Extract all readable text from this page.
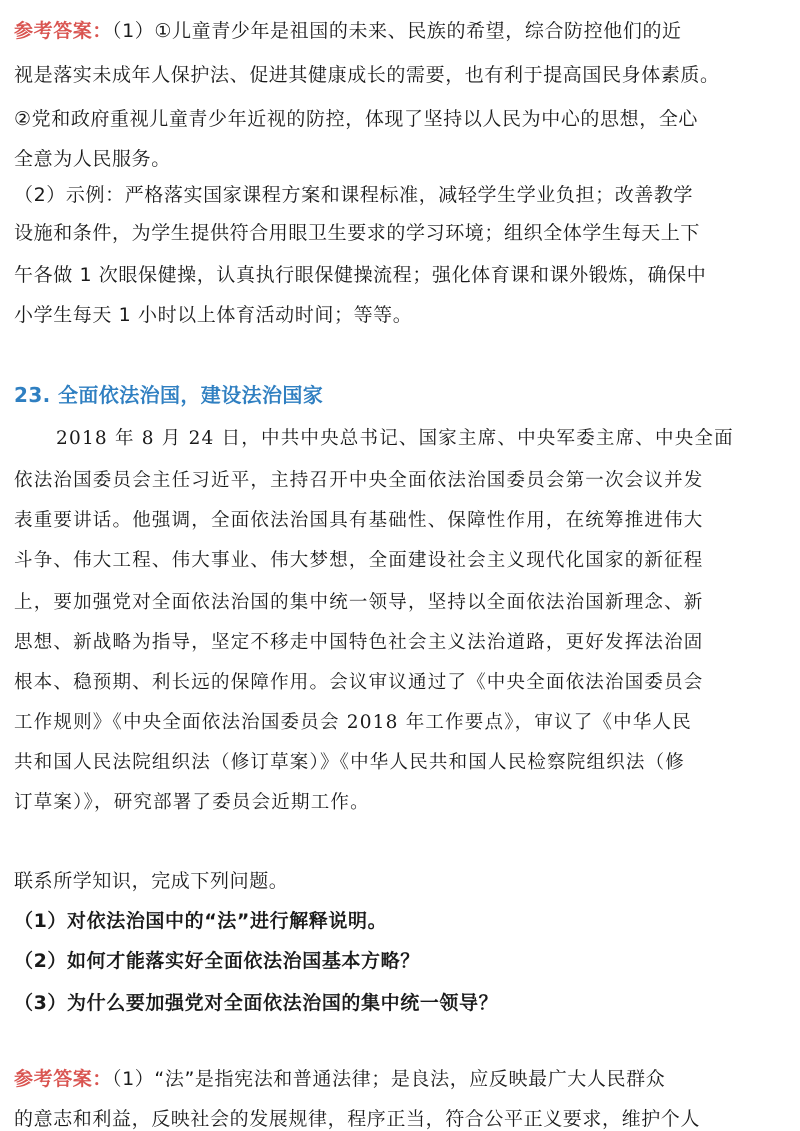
参考答案：（1）①儿童青少年是祖国的未来、民族的希望，综合防控他们的近
视是落实未成年人保护法、促进其健康成长的需要，也有利于提高国民身体素质。
②党和政府重视儿童青少年近视的防控，体现了坚持以人民为中心的思想，全心
全意为人民服务。
（2）示例：严格落实国家课程方案和课程标准，减轻学生学业负担；改善教学
设施和条件，为学生提供符合用眼卫生要求的学习环境；组织全体学生每天上下
午各做 1 次眼保健操，认真执行眼保健操流程；强化体育课和课外锻炼，确保中
小学生每天 1 小时以上体育活动时间；等等。
23. 全面依法治国，建设法治国家
2018 年 8 月 24 日，中共中央总书记、国家主席、中央军委主席、中央全面
依法治国委员会主任习近平，主持召开中央全面依法治国委员会第一次会议并发
表重要讲话。他强调，全面依法治国具有基础性、保障性作用，在统筹推进伟大
斗争、伟大工程、伟大事业、伟大梦想，全面建设社会主义现代化国家的新征程
上，要加强党对全面依法治国的集中统一领导，坚持以全面依法治国新理念、新
思想、新战略为指导，坚定不移走中国特色社会主义法治道路，更好发挥法治固
根本、稳预期、利长远的保障作用。会议审议通过了《中央全面依法治国委员会
工作规则》《中央全面依法治国委员会 2018 年工作要点》，审议了《中华人民
共和国人民法院组织法（修订草案）》《中华人民共和国人民检察院组织法（修
订草案）》，研究部署了委员会近期工作。
联系所学知识，完成下列问题。
（1）对依法治国中的“法”进行解释说明。
（2）如何才能落实好全面依法治国基本方略？
（3）为什么要加强党对全面依法治国的集中统一领导？
参考答案：（1）“法”是指宪法和普通法律；是良法，应反映最广大人民群众
的意志和利益，反映社会的发展规律，程序正当，符合公平正义要求，维护个人
